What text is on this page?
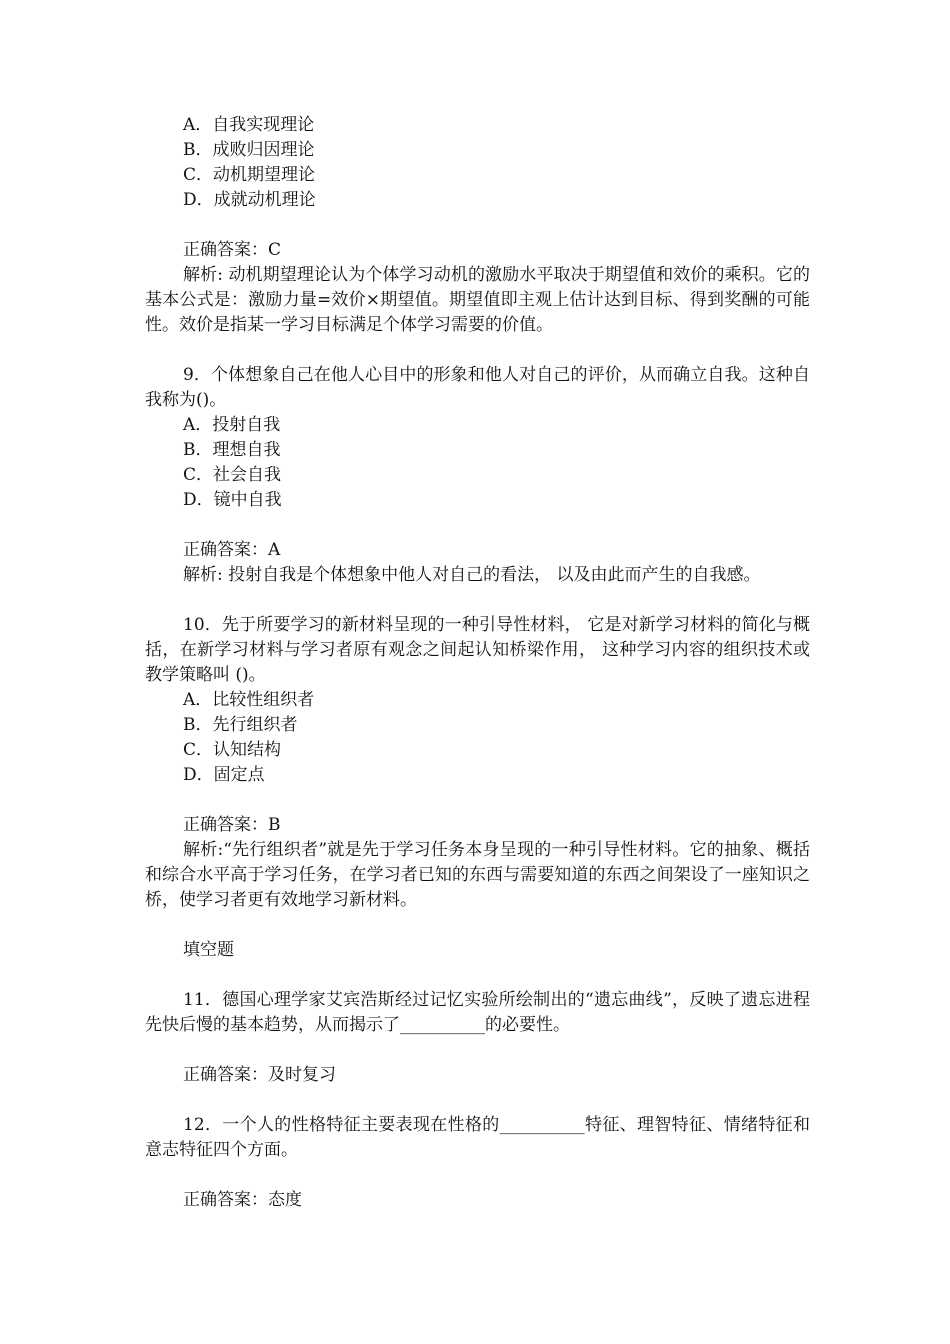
A．自我实现理论
B．成败归因理论
C．动机期望理论
D．成就动机理论
正确答案：C
解析: 动机期望理论认为个体学习动机的激励水平取决于期望值和效价的乘积。它的基本公式是：激励力量=效价×期望值。期望值即主观上估计达到目标、得到奖酬的可能性。效价是指某一学习目标满足个体学习需要的价值。
9．个体想象自己在他人心目中的形象和他人对自己的评价，从而确立自我。这种自我称为()。
A．投射自我
B．理想自我
C．社会自我
D．镜中自我
正确答案：A
解析: 投射自我是个体想象中他人对自己的看法， 以及由此而产生的自我感。
10．先于所要学习的新材料呈现的一种引导性材料， 它是对新学习材料的简化与概括，在新学习材料与学习者原有观念之间起认知桥梁作用， 这种学习内容的组织技术或教学策略叫 ()。
A．比较性组织者
B．先行组织者
C．认知结构
D．固定点
正确答案：B
解析:“先行组织者”就是先于学习任务本身呈现的一种引导性材料。它的抽象、概括和综合水平高于学习任务，在学习者已知的东西与需要知道的东西之间架设了一座知识之桥，使学习者更有效地学习新材料。
填空题
11．德国心理学家艾宾浩斯经过记忆实验所绘制出的“遗忘曲线”，反映了遗忘进程先快后慢的基本趋势，从而揭示了__________的必要性。
正确答案：及时复习
12．一个人的性格特征主要表现在性格的__________特征、理智特征、情绪特征和意志特征四个方面。
正确答案：态度
